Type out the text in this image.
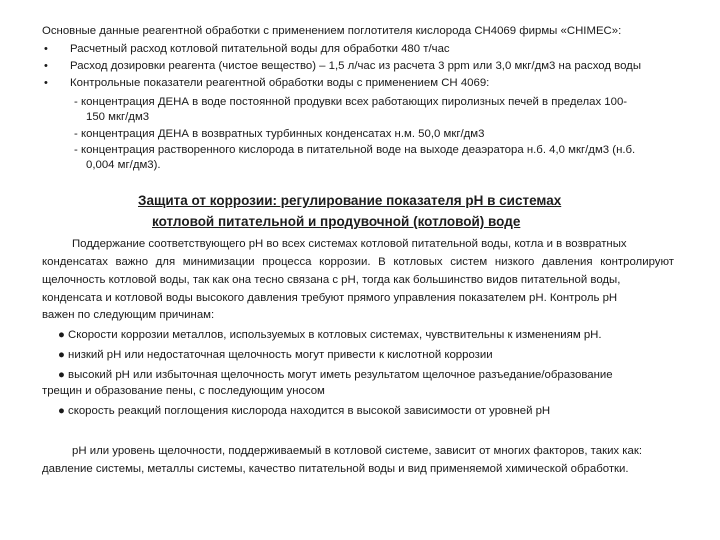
Основные данные реагентной обработки с применением поглотителя кислорода CH4069 фирмы «CHIMEC»:
• Расчетный расход котловой питательной воды для обработки 480 т/час
• Расход дозировки реагента (чистое вещество) – 1,5 л/час из расчета 3 ppm или 3,0 мкг/дм3 на расход воды
• Контрольные показатели реагентной обработки воды с применением CH 4069:
- концентрация ДЕНА в воде постоянной продувки всех работающих пиролизных печей в пределах 100-
150 мкг/дм3
- концентрация ДЕНА в возвратных турбинных конденсатах н.м. 50,0 мкг/дм3
- концентрация растворенного кислорода в питательной воде на выходе деаэратора н.б. 4,0 мкг/дм3 (н.б.
0,004 мг/дм3).
Защита от коррозии: регулирование показателя pH в системах
котловой питательной и продувочной (котловой) воде
Поддержание соответствующего pH во всех системах котловой питательной воды, котла и в возвратных
конденсатах важно для минимизации процесса коррозии. В котловых систем низкого давления контролируют
щелочность котловой воды, так как она тесно связана с pH, тогда как большинство видов питательной воды,
конденсата и котловой воды высокого давления требуют прямого управления показателем pH. Контроль pH
важен по следующим причинам:
● Скорости коррозии металлов, используемых в котловых системах, чувствительны к изменениям pH.
● низкий pH или недостаточная щелочность могут привести к кислотной коррозии
● высокий pH или избыточная щелочность могут иметь результатом щелочное разъедание/образование
трещин и образование пены, с последующим уносом
● скорость реакций поглощения кислорода находится в высокой зависимости от уровней pH
pH или уровень щелочности, поддерживаемый в котловой системе, зависит от многих факторов, таких как:
давление системы, металлы системы, качество питательной воды и вид применяемой химической обработки.
